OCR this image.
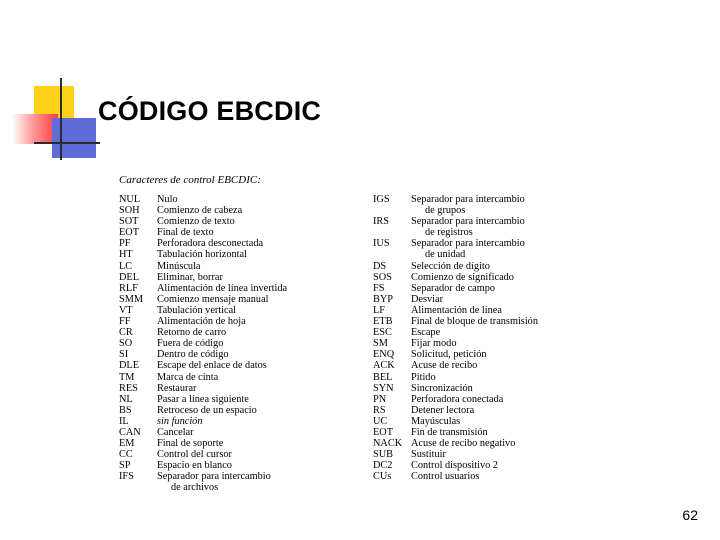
CÓDIGO EBCDIC
Caracteres de control EBCDIC:
NUL	Nulo
SOH	Comienzo de cabeza
SOT	Comienzo de texto
EOT	Final de texto
PF	Perforadora desconectada
HT	Tabulación horizontal
LC	Minúscula
DEL	Eliminar, borrar
RLF	Alimentación de línea invertida
SMM	Comienzo mensaje manual
VT	Tabulación vertical
FF	Alimentación de hoja
CR	Retorno de carro
SO	Fuera de código
SI	Dentro de código
DLE	Escape del enlace de datos
TM	Marca de cinta
RES	Restaurar
NL	Pasar a línea siguiente
BS	Retroceso de un espacio
IL	sin función
CAN	Cancelar
EM	Final de soporte
CC	Control del cursor
SP	Espacio en blanco
IFS	Separador para intercambio
de archivos
IGS	Separador para intercambio
de grupos
IRS	Separador para intercambio
de registros
IUS	Separador para intercambio
de unidad
DS	Selección de dígito
SOS	Comienzo de significado
FS	Separador de campo
BYP	Desviar
LF	Alimentación de línea
ETB	Final de bloque de transmisión
ESC	Escape
SM	Fijar modo
ENQ	Solicitud, petición
ACK	Acuse de recibo
BEL	Pitido
SYN	Sincronización
PN	Perforadora conectada
RS	Detener lectora
UC	Mayúsculas
EOT	Fin de transmisión
NACK Acuse de recibo negativo
SUB	Sustituir
DC2	Control dispositivo 2
CUs	Control usuarios
62
